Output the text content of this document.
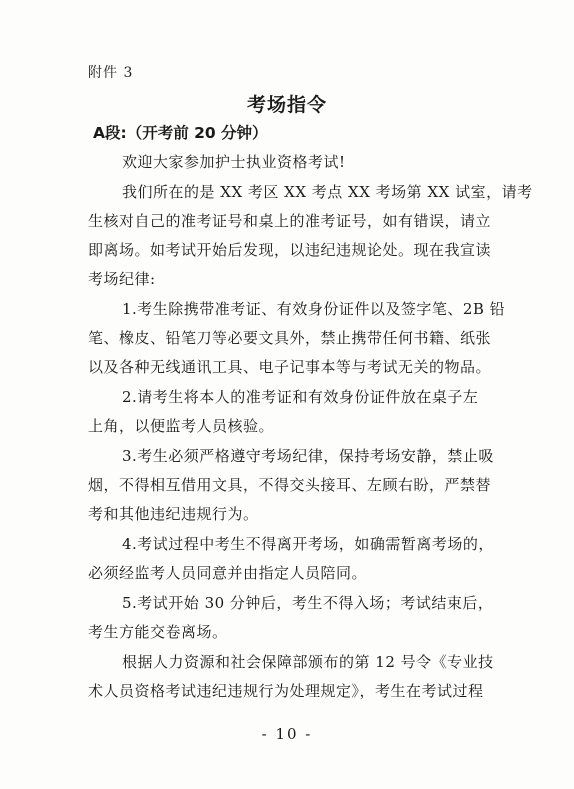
附件 3
考场指令
A段:（开考前 20 分钟）
欢迎大家参加护士执业资格考试!
我们所在的是 XX 考区 XX 考点 XX 考场第 XX 试室，请考
生核对自己的准考证号和桌上的准考证号，如有错误，请立
即离场。如考试开始后发现，以违纪违规论处。现在我宣读
考场纪律:
1.考生除携带准考证、有效身份证件以及签字笔、2B 铅
笔、橡皮、铅笔刀等必要文具外，禁止携带任何书籍、纸张
以及各种无线通讯工具、电子记事本等与考试无关的物品。
2.请考生将本人的准考证和有效身份证件放在桌子左
上角，以便监考人员核验。
3.考生必须严格遵守考场纪律，保持考场安静，禁止吸
烟，不得相互借用文具，不得交头接耳、左顾右盼，严禁替
考和其他违纪违规行为。
4.考试过程中考生不得离开考场，如确需暂离考场的，
必须经监考人员同意并由指定人员陪同。
5.考试开始 30 分钟后，考生不得入场；考试结束后，
考生方能交卷离场。
根据人力资源和社会保障部颁布的第 12 号令《专业技
术人员资格考试违纪违规行为处理规定》，考生在考试过程
- 10 -
